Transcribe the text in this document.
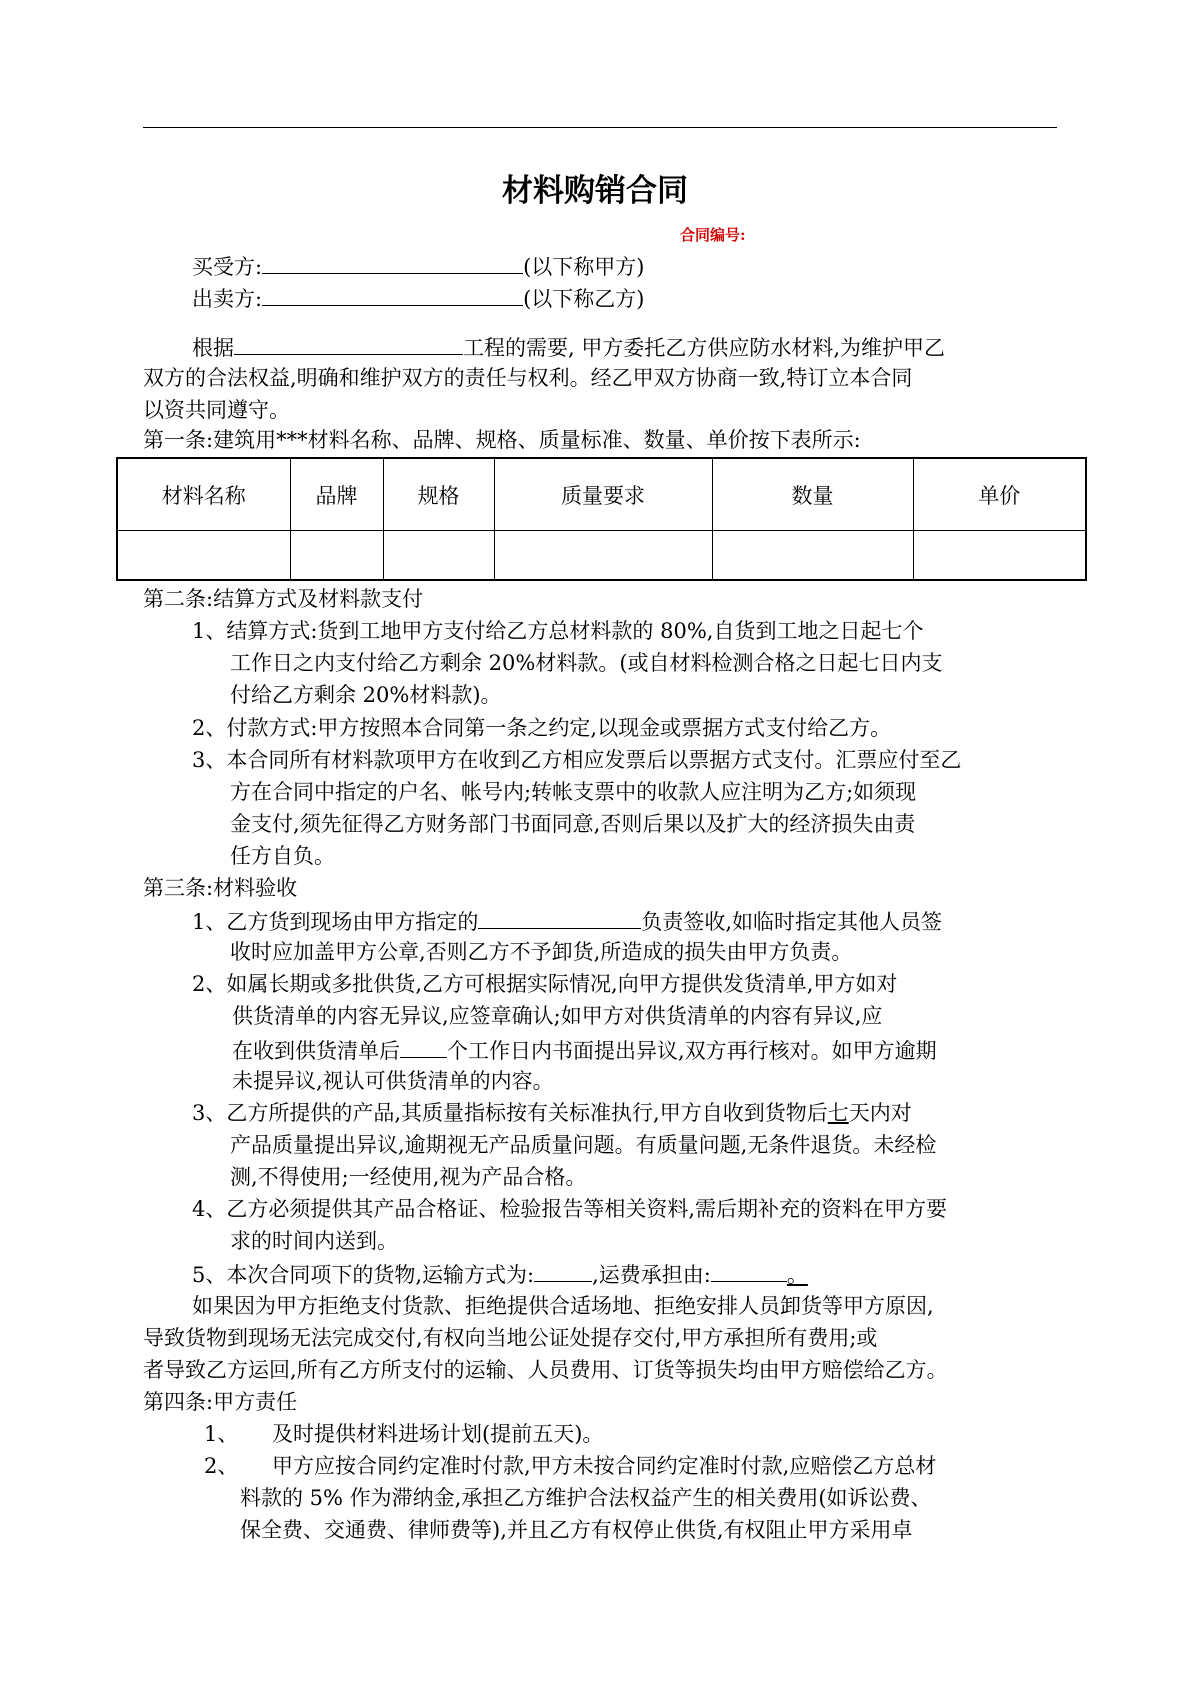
材料购销合同
合同编号:
买受方:	(以下称甲方)
出卖方:	(以下称乙方)
根据	工程的需要, 甲方委托乙方供应防水材料,为维护甲乙
双方的合法权益,明确和维护双方的责任与权利。经乙甲双方协商一致,特订立本合同
以资共同遵守。
第一条:建筑用***材料名称、品牌、规格、质量标准、数量、单价按下表所示:
材料名称	品牌	规格	质量要求	数量	单价

第二条:结算方式及材料款支付
1、结算方式:货到工地甲方支付给乙方总材料款的 80%,自货到工地之日起七个
工作日之内支付给乙方剩余 20%材料款。(或自材料检测合格之日起七日内支
付给乙方剩余 20%材料款)。
2、付款方式:甲方按照本合同第一条之约定,以现金或票据方式支付给乙方。
3、本合同所有材料款项甲方在收到乙方相应发票后以票据方式支付。汇票应付至乙
方在合同中指定的户名、帐号内;转帐支票中的收款人应注明为乙方;如须现
金支付,须先征得乙方财务部门书面同意,否则后果以及扩大的经济损失由责
任方自负。
第三条:材料验收
1、乙方货到现场由甲方指定的	负责签收,如临时指定其他人员签
收时应加盖甲方公章,否则乙方不予卸货,所造成的损失由甲方负责。
2、如属长期或多批供货,乙方可根据实际情况,向甲方提供发货清单,甲方如对
供货清单的内容无异议,应签章确认;如甲方对供货清单的内容有异议,应
在收到供货清单后 个工作日内书面提出异议,双方再行核对。如甲方逾期
未提异议,视认可供货清单的内容。
3、乙方所提供的产品,其质量指标按有关标准执行,甲方自收到货物后七天内对
产品质量提出异议,逾期视无产品质量问题。有质量问题,无条件退货。未经检
测,不得使用;一经使用,视为产品合格。
4、乙方必须提供其产品合格证、检验报告等相关资料,需后期补充的资料在甲方要
求的时间内送到。
5、本次合同项下的货物,运输方式为:	,运费承担由:	。
如果因为甲方拒绝支付货款、拒绝提供合适场地、拒绝安排人员卸货等甲方原因,
导致货物到现场无法完成交付,有权向当地公证处提存交付,甲方承担所有费用;或
者导致乙方运回,所有乙方所支付的运输、人员费用、订货等损失均由甲方赔偿给乙方。
第四条:甲方责任
1、 及时提供材料进场计划(提前五天)。
2、 甲方应按合同约定准时付款,甲方未按合同约定准时付款,应赔偿乙方总材
料款的 5% 作为滞纳金,承担乙方维护合法权益产生的相关费用(如诉讼费、
保全费、交通费、律师费等),并且乙方有权停止供货,有权阻止甲方采用卓
